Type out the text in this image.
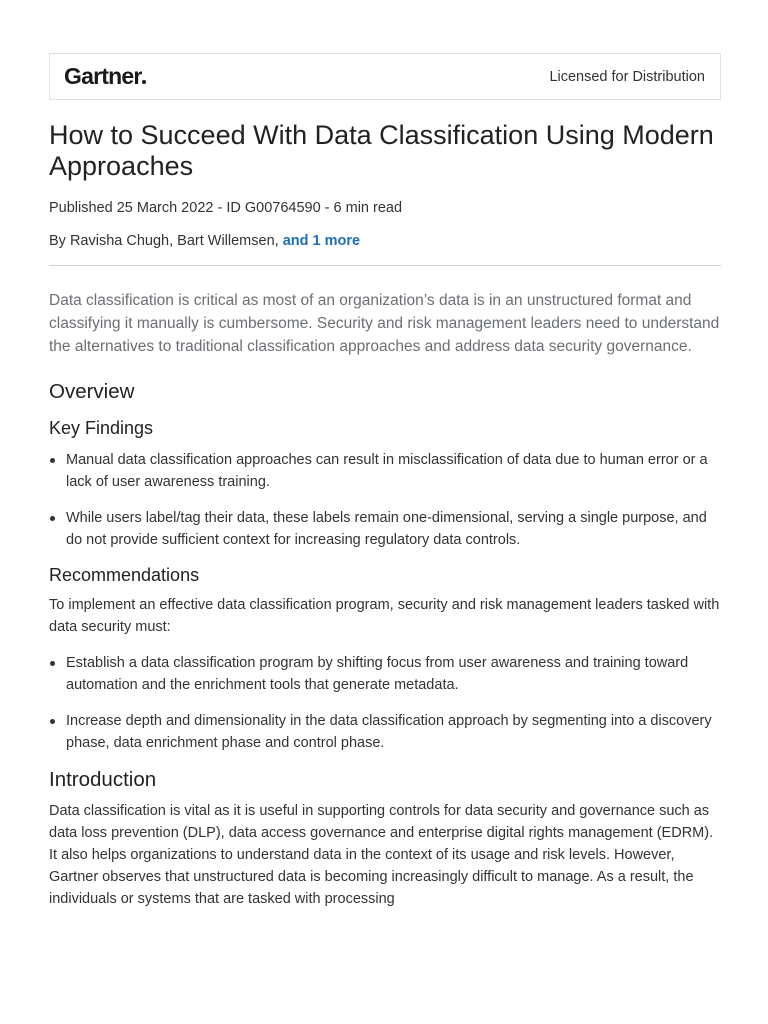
Gartner	Licensed for Distribution
How to Succeed With Data Classification Using Modern Approaches
Published 25 March 2022 - ID G00764590 - 6 min read
By Ravisha Chugh, Bart Willemsen, and 1 more
Data classification is critical as most of an organization’s data is in an unstructured format and classifying it manually is cumbersome. Security and risk management leaders need to understand the alternatives to traditional classification approaches and address data security governance.
Overview
Key Findings
Manual data classification approaches can result in misclassification of data due to human error or a lack of user awareness training.
While users label/tag their data, these labels remain one-dimensional, serving a single purpose, and do not provide sufficient context for increasing regulatory data controls.
Recommendations

To implement an effective data classification program, security and risk management leaders tasked with data security must:

Establish a data classification program by shifting focus from user awareness and training toward automation and the enrichment tools that generate metadata.
Increase depth and dimensionality in the data classification approach by segmenting into a discovery phase, data enrichment phase and control phase.
Introduction

Data classification is vital as it is useful in supporting controls for data security and governance such as data loss prevention (DLP), data access governance and enterprise digital rights management (EDRM). It also helps organizations to understand data in the context of its usage and risk levels. However, Gartner observes that unstructured data is becoming increasingly difficult to manage. As a result, the individuals or systems that are tasked with processing
